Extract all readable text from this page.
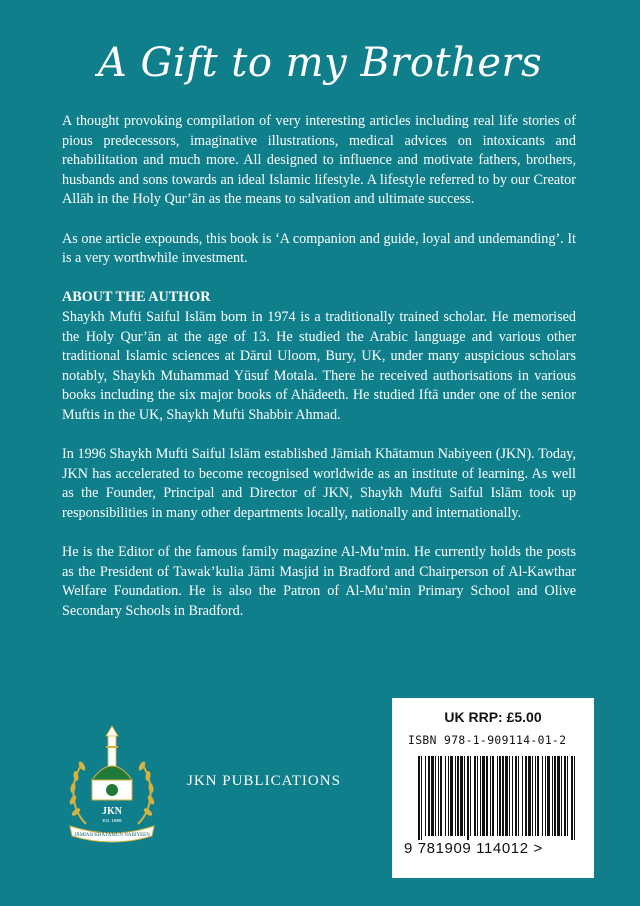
A Gift to my Brothers

A thought provoking compilation of very interesting articles including real life stories of pious predecessors, imaginative illustrations, medical advices on intoxicants and rehabilitation and much more. All designed to influence and motivate fathers, brothers, husbands and sons towards an ideal Islamic lifestyle. A lifestyle referred to by our Creator Allāh in the Holy Qur’ān as the means to salvation and ultimate success.

As one article expounds, this book is ‘A companion and guide, loyal and undemanding’. It is a very worthwhile investment.

ABOUT THE AUTHOR

Shaykh Mufti Saiful Islām born in 1974 is a traditionally trained scholar. He memorised the Holy Qur’ān at the age of 13. He studied the Arabic language and various other traditional Islamic sciences at Dārul Uloom, Bury, UK, under many auspicious scholars notably, Shaykh Muhammad Yūsuf Motala. There he received authorisations in various books including the six major books of Ahādeeth. He studied Iftā under one of the senior Muftis in the UK, Shaykh Mufti Shabbir Ahmad.

In 1996 Shaykh Mufti Saiful Islām established Jāmiah Khātamun Nabiyeen (JKN). Today, JKN has accelerated to become recognised worldwide as an institute of learning. As well as the Founder, Principal and Director of JKN, Shaykh Mufti Saiful Islām took up responsibilities in many other departments locally, nationally and internationally.

He is the Editor of the famous family magazine Al-Mu’min. He currently holds the posts as the President of Tawak’kulia Jāmi Masjid in Bradford and Chairperson of Al-Kawthar Welfare Foundation. He is also the Patron of Al-Mu’min Primary School and Olive Secondary Schools in Bradford.

JKN
Est. 1996
JĀMIAH KHĀTAMUN NABIYEEN
JKN PUBLICATIONS
UK RRP: £5.00
ISBN 978-1-909114-01-2
9 781909 114012 >
